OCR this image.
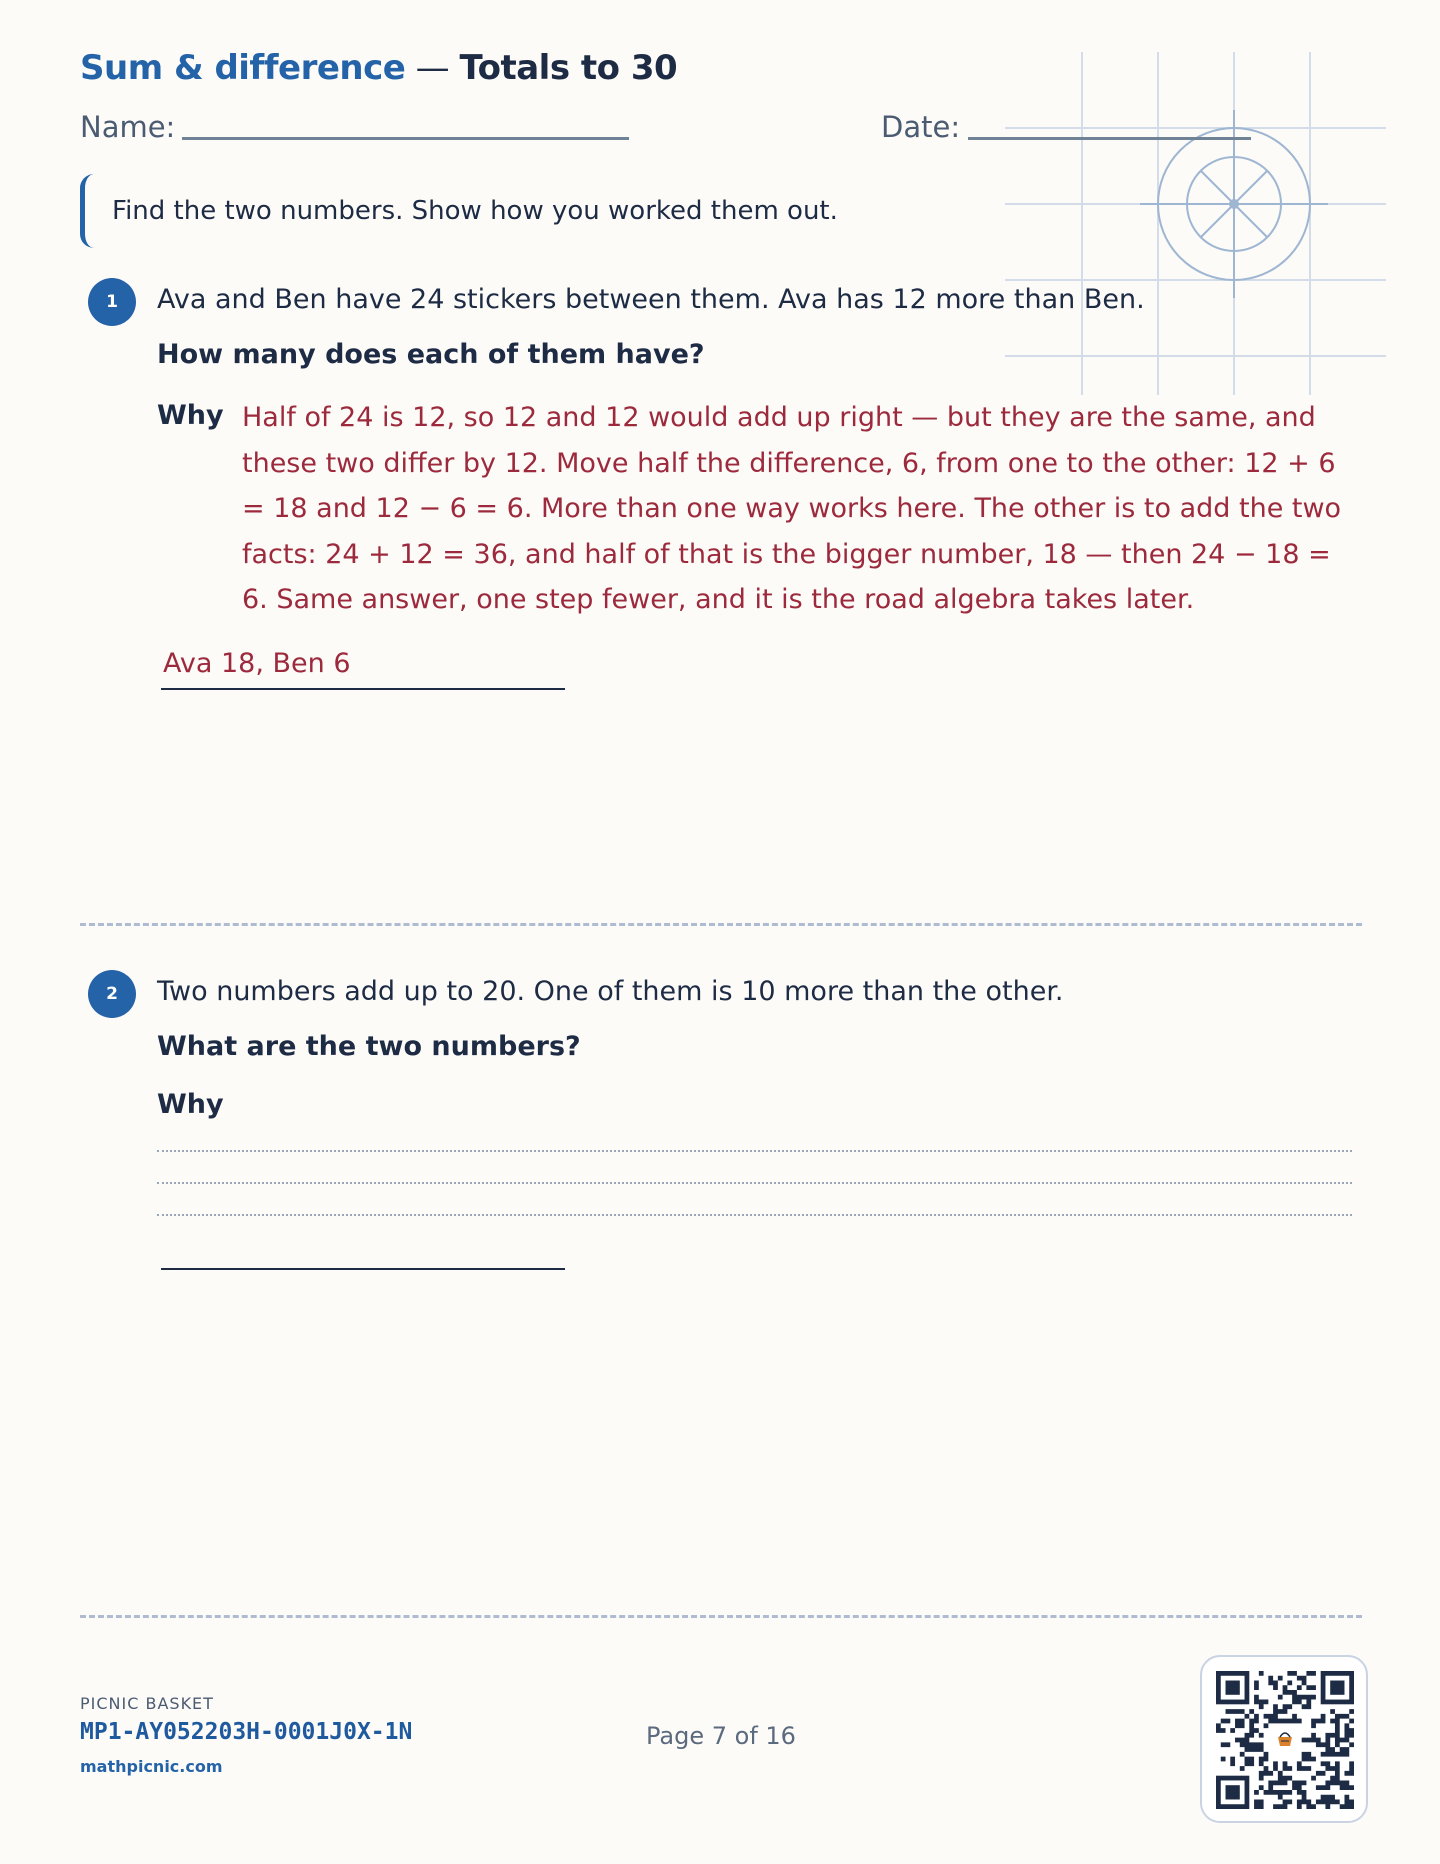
Sum & difference — Totals to 30
Name:	Date:
Find the two numbers. Show how you worked them out.
1	Ava and Ben have 24 stickers between them. Ava has 12 more than Ben.
How many does each of them have?
Why Half of 24 is 12, so 12 and 12 would add up right — but they are the same, and these two differ by 12. Move half the difference, 6, from one to the other: 12 + 6 = 18 and 12 − 6 = 6. More than one way works here. The other is to add the two facts: 24 + 12 = 36, and half of that is the bigger number, 18 — then 24 − 18 = 6. Same answer, one step fewer, and it is the road algebra takes later.
Ava 18, Ben 6
2	Two numbers add up to 20. One of them is 10 more than the other.
What are the two numbers?
Why
PICNIC BASKET
MP1-AY052203H-0001J0X-1N
mathpicnic.com
Page 7 of 16
